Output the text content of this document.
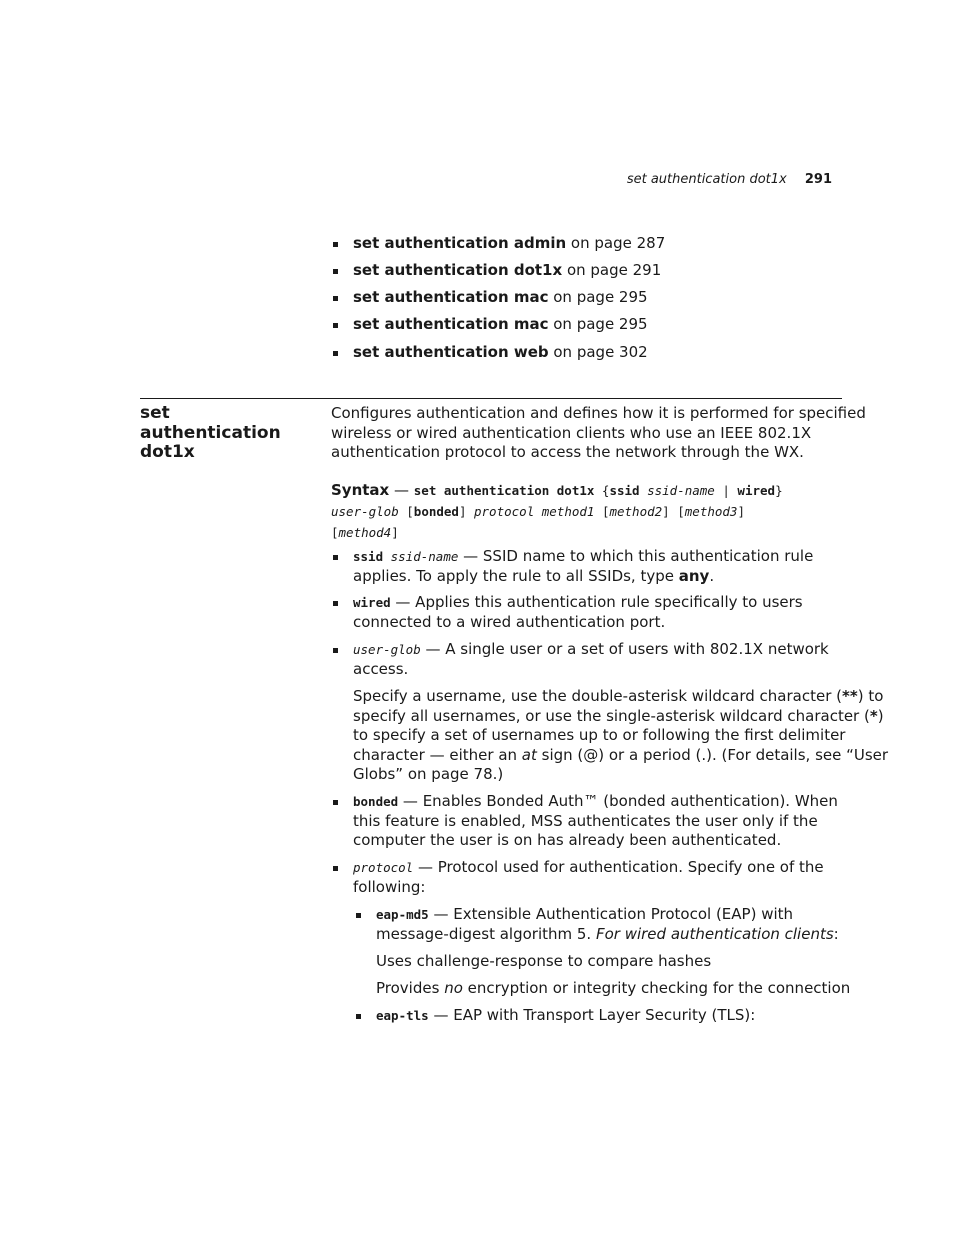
set authentication dot1x 291
set authentication admin on page 287
set authentication dot1x on page 291
set authentication mac on page 295
set authentication mac on page 295
set authentication web on page 302
set authentication
dot1x
Configures authentication and defines how it is performed for specified
wireless or wired authentication clients who use an IEEE 802.1X
authentication protocol to access the network through the WX.
Syntax — set authentication dot1x {ssid ssid-name | wired}
user-glob [bonded] protocol method1 [method2] [method3]
[method4]
ssid ssid-name — SSID name to which this authentication rule
applies. To apply the rule to all SSIDs, type any.
wired — Applies this authentication rule specifically to users
connected to a wired authentication port.
user-glob — A single user or a set of users with 802.1X network
access.
Specify a username, use the double-asterisk wildcard character (**) to
specify all usernames, or use the single-asterisk wildcard character (*)
to specify a set of usernames up to or following the first delimiter
character — either an at sign (@) or a period (.). (For details, see “User
Globs” on page 78.)
bonded — Enables Bonded Auth™ (bonded authentication). When
this feature is enabled, MSS authenticates the user only if the
computer the user is on has already been authenticated.
protocol — Protocol used for authentication. Specify one of the
following:
eap-md5 — Extensible Authentication Protocol (EAP) with
message-digest algorithm 5. For wired authentication clients:
Uses challenge-response to compare hashes
Provides no encryption or integrity checking for the connection
eap-tls — EAP with Transport Layer Security (TLS):
